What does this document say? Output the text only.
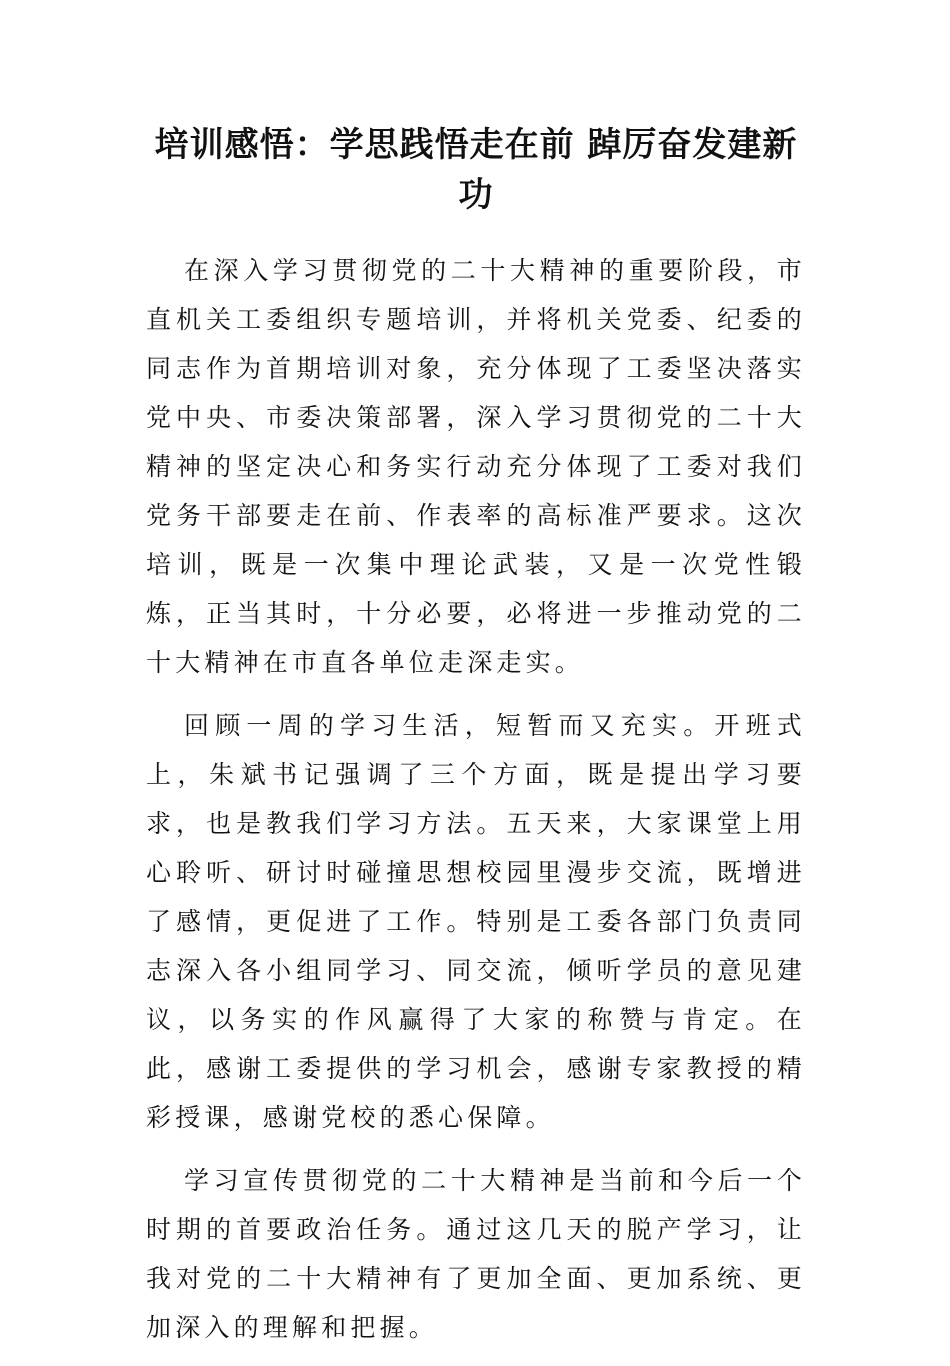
培训感悟：学思践悟走在前 踔厉奋发建新功

在深入学习贯彻党的二十大精神的重要阶段，市直机关工委组织专题培训，并将机关党委、纪委的同志作为首期培训对象，充分体现了工委坚决落实党中央、市委决策部署，深入学习贯彻党的二十大精神的坚定决心和务实行动充分体现了工委对我们党务干部要走在前、作表率的高标准严要求。这次培训，既是一次集中理论武装，又是一次党性锻炼，正当其时，十分必要，必将进一步推动党的二十大精神在市直各单位走深走实。

回顾一周的学习生活，短暂而又充实。开班式上，朱斌书记强调了三个方面，既是提出学习要求，也是教我们学习方法。五天来，大家课堂上用心聆听、研讨时碰撞思想校园里漫步交流，既增进了感情，更促进了工作。特别是工委各部门负责同志深入各小组同学习、同交流，倾听学员的意见建议，以务实的作风赢得了大家的称赞与肯定。在此，感谢工委提供的学习机会，感谢专家教授的精彩授课，感谢党校的悉心保障。

学习宣传贯彻党的二十大精神是当前和今后一个时期的首要政治任务。通过这几天的脱产学习，让我对党的二十大精神有了更加全面、更加系统、更加深入的理解和把握。
